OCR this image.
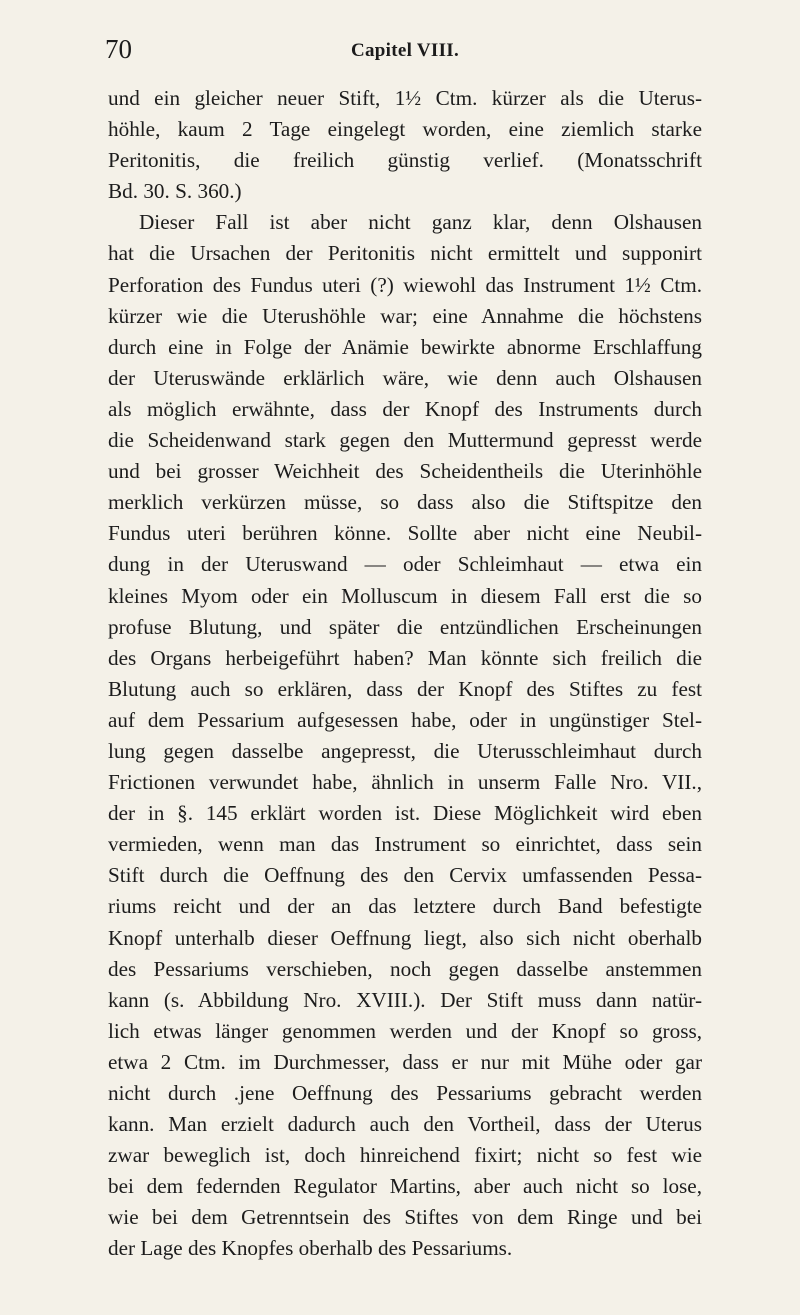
70	Capitel VIII.
und ein gleicher neuer Stift, 1½ Ctm. kürzer als die Uterus-
höhle, kaum 2 Tage eingelegt worden, eine ziemlich starke
Peritonitis, die freilich günstig verlief. (Monatsschrift
Bd. 30. S. 360.)
Dieser Fall ist aber nicht ganz klar, denn Olshausen
hat die Ursachen der Peritonitis nicht ermittelt und supponirt
Perforation des Fundus uteri (?) wiewohl das Instrument 1½ Ctm.
kürzer wie die Uterushöhle war; eine Annahme die höchstens
durch eine in Folge der Anämie bewirkte abnorme Erschlaffung
der Uteruswände erklärlich wäre, wie denn auch Olshausen
als möglich erwähnte, dass der Knopf des Instruments durch
die Scheidenwand stark gegen den Muttermund gepresst werde
und bei grosser Weichheit des Scheidentheils die Uterinhöhle
merklich verkürzen müsse, so dass also die Stiftspitze den
Fundus uteri berühren könne. Sollte aber nicht eine Neubil-
dung in der Uteruswand — oder Schleimhaut — etwa ein
kleines Myom oder ein Molluscum in diesem Fall erst die so
profuse Blutung, und später die entzündlichen Erscheinungen
des Organs herbeigeführt haben? Man könnte sich freilich die
Blutung auch so erklären, dass der Knopf des Stiftes zu fest
auf dem Pessarium aufgesessen habe, oder in ungünstiger Stel-
lung gegen dasselbe angepresst, die Uterusschleimhaut durch
Frictionen verwundet habe, ähnlich in unserm Falle Nro. VII.,
der in §. 145 erklärt worden ist. Diese Möglichkeit wird eben
vermieden, wenn man das Instrument so einrichtet, dass sein
Stift durch die Oeffnung des den Cervix umfassenden Pessa-
riums reicht und der an das letztere durch Band befestigte
Knopf unterhalb dieser Oeffnung liegt, also sich nicht oberhalb
des Pessariums verschieben, noch gegen dasselbe anstemmen
kann (s. Abbildung Nro. XVIII.). Der Stift muss dann natür-
lich etwas länger genommen werden und der Knopf so gross,
etwa 2 Ctm. im Durchmesser, dass er nur mit Mühe oder gar
nicht durch .jene Oeffnung des Pessariums gebracht werden
kann. Man erzielt dadurch auch den Vortheil, dass der Uterus
zwar beweglich ist, doch hinreichend fixirt; nicht so fest wie
bei dem federnden Regulator Martins, aber auch nicht so lose,
wie bei dem Getrenntsein des Stiftes von dem Ringe und bei
der Lage des Knopfes oberhalb des Pessariums.
